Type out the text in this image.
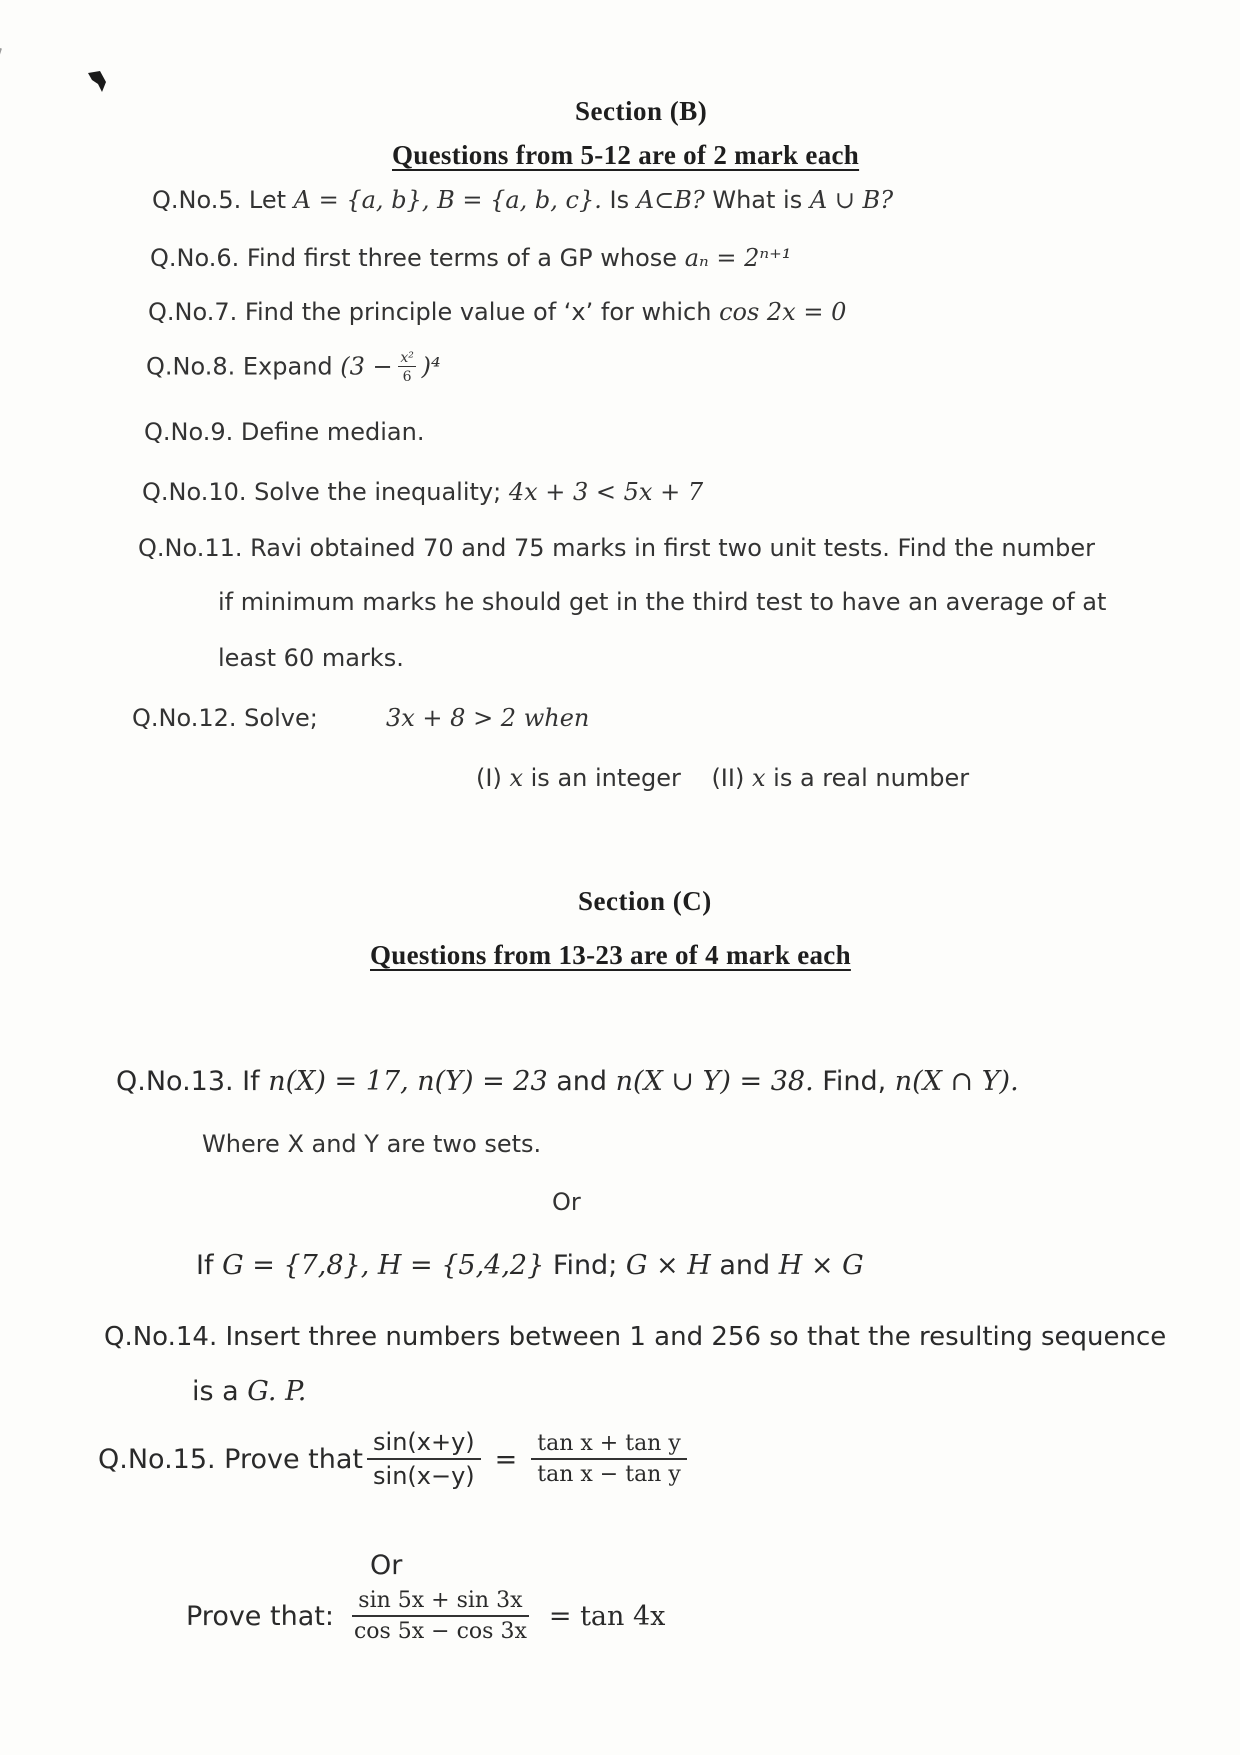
Section (B)
Questions from 5-12 are of 2 mark each
Q.No.5. Let A = {a, b}, B = {a, b, c}. Is A⊂B? What is A ∪ B?
Q.No.6. Find first three terms of a GP whose aₙ = 2ⁿ⁺¹
Q.No.7. Find the principle value of ‘x’ for which cos 2x = 0
Q.No.8. Expand $(3 - \frac{\text{x²}}{6} )^4$
Q.No.9. Define median.
Q.No.10. Solve the inequality; 4x + 3 < 5x + 7
Q.No.11. Ravi obtained 70 and 75 marks in first two unit tests. Find the number
if minimum marks he should get in the third test to have an average of at
least 60 marks.
Q.No.12. Solve;	3x + 8 > 2 when
(I) x is an integer (II) x is a real number
Section (C)
Questions from 13-23 are of 4 mark each
Q.No.13. If n(X) = 17, n(Y) = 23 and n(X ∪ Y) = 38. Find, n(X ∩ Y).
Where X and Y are two sets.
Or
If G = {7,8}, H = {5,4,2} Find; G × H and H × G
Q.No.14. Insert three numbers between 1 and 256 so that the resulting sequence
is a G. P.
Q.No.15. Prove that $\frac{\sin(x+y)}{\sin(x-y)} = \frac{\text{tan x + tan y}}{\text{tan x − tan y}}$
Or
Prove that: $\frac{\sin 5x + \sin 3x}{\cos 5x - \cos 3x} = \tan 4x$
